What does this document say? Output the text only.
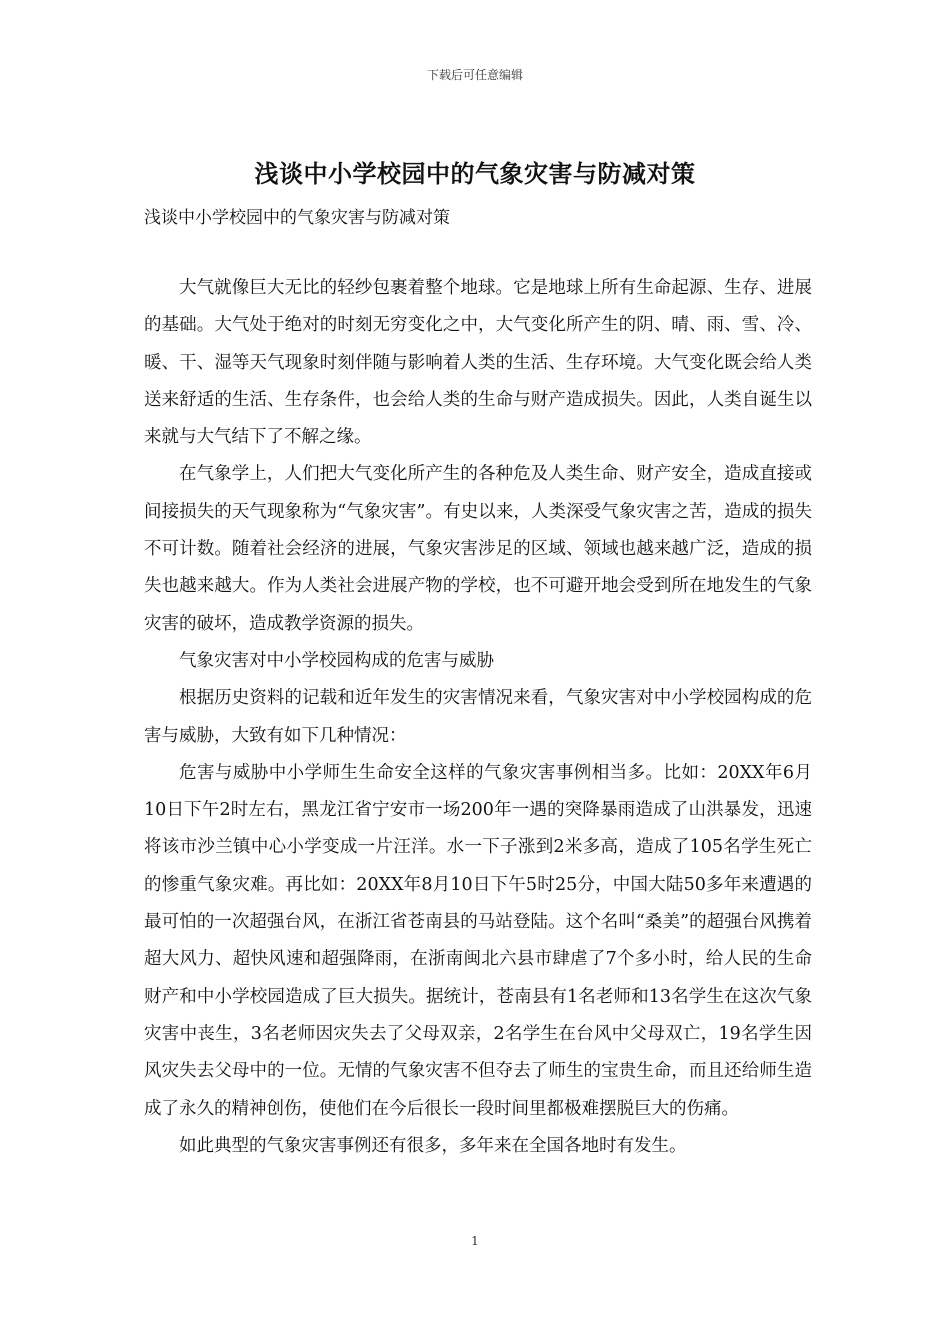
下载后可任意编辑
浅谈中小学校园中的气象灾害与防减对策
浅谈中小学校园中的气象灾害与防减对策

大气就像巨大无比的轻纱包裹着整个地球。它是地球上所有生命起源、生存、进展的基础。大气处于绝对的时刻无穷变化之中，大气变化所产生的阴、晴、雨、雪、冷、暖、干、湿等天气现象时刻伴随与影响着人类的生活、生存环境。大气变化既会给人类送来舒适的生活、生存条件，也会给人类的生命与财产造成损失。因此，人类自诞生以来就与大气结下了不解之缘。

在气象学上，人们把大气变化所产生的各种危及人类生命、财产安全，造成直接或间接损失的天气现象称为“气象灾害”。有史以来，人类深受气象灾害之苦，造成的损失不可计数。随着社会经济的进展，气象灾害涉足的区域、领域也越来越广泛，造成的损失也越来越大。作为人类社会进展产物的学校，也不可避开地会受到所在地发生的气象灾害的破坏，造成教学资源的损失。

气象灾害对中小学校园构成的危害与威胁

根据历史资料的记载和近年发生的灾害情况来看，气象灾害对中小学校园构成的危害与威胁，大致有如下几种情况：

危害与威胁中小学师生生命安全这样的气象灾害事例相当多。比如：20XX年6月10日下午2时左右，黑龙江省宁安市一场200年一遇的突降暴雨造成了山洪暴发，迅速将该市沙兰镇中心小学变成一片汪洋。水一下子涨到2米多高，造成了105名学生死亡的惨重气象灾难。再比如：20XX年8月10日下午5时25分，中国大陆50多年来遭遇的最可怕的一次超强台风，在浙江省苍南县的马站登陆。这个名叫“桑美”的超强台风携着超大风力、超快风速和超强降雨，在浙南闽北六县市肆虐了7个多小时，给人民的生命财产和中小学校园造成了巨大损失。据统计，苍南县有1名老师和13名学生在这次气象灾害中丧生，3名老师因灾失去了父母双亲，2名学生在台风中父母双亡，19名学生因风灾失去父母中的一位。无情的气象灾害不但夺去了师生的宝贵生命，而且还给师生造成了永久的精神创伤，使他们在今后很长一段时间里都极难摆脱巨大的伤痛。

如此典型的气象灾害事例还有很多，多年来在全国各地时有发生。

1
